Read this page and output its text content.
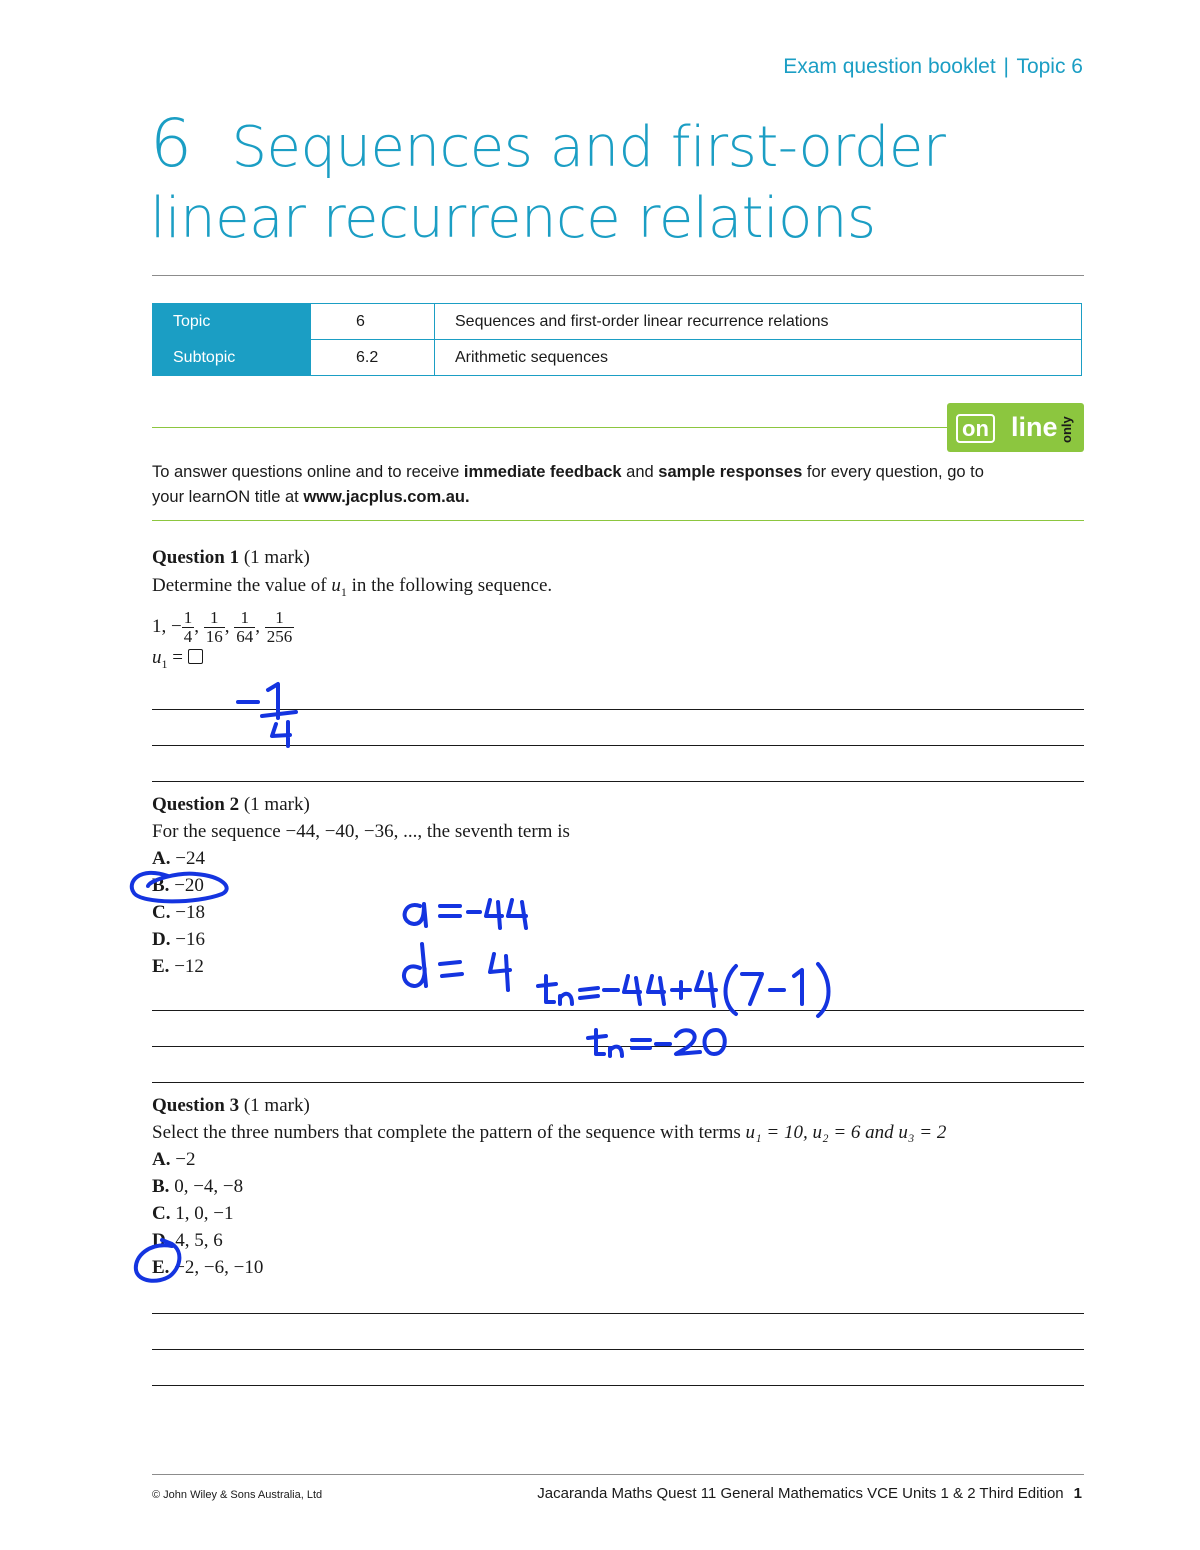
Exam question booklet | Topic 6
6 Sequences and first-order
linear recurrence relations
Topic	6	Sequences and first-order linear recurrence relations
Subtopic	6.2	Arithmetic sequences
on line only
To answer questions online and to receive immediate feedback and sample responses for every question, go to
your learnON title at www.jacplus.com.au.
Question 1 (1 mark)
Determine the value of $u_1$ in the following sequence.
1, − $\frac{1}{4}$ , $\frac{1}{16}$ , $\frac{1}{64}$ , $\frac{1}{256}$
$u_1$ =
Question 2 (1 mark)
For the sequence −44, −40, −36, ..., the seventh term is
A. −24
B. −20
C. −18
D. −16
E. −12
Question 3 (1 mark)
Select the three numbers that complete the pattern of the sequence with terms u₁ = 10, u₂ = 6 and u₃ = 2
A. −2
B. 0, −4, −8
C. 1, 0, −1
D. 4, 5, 6
E. −2, −6, −10
© John Wiley & Sons Australia, Ltd	Jacaranda Maths Quest 11 General Mathematics VCE Units 1 & 2 Third Edition 1
